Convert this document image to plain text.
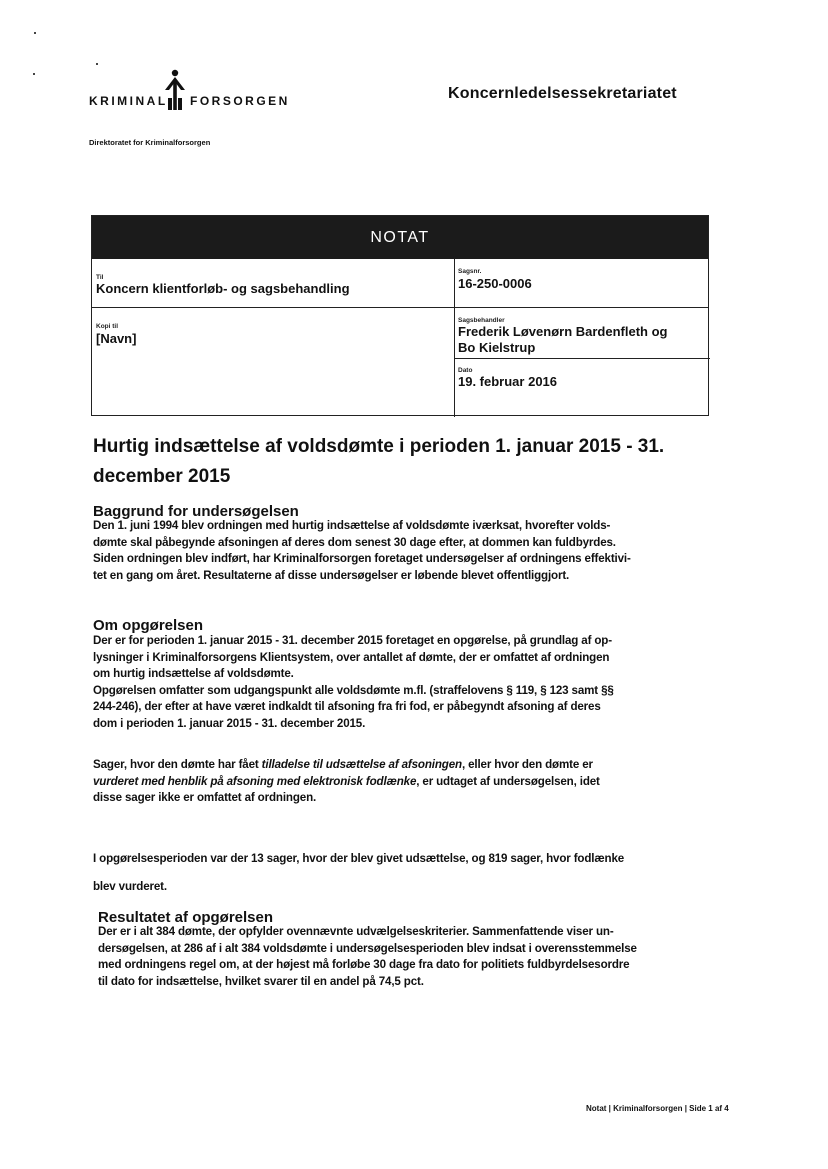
KRIMINAL FORSORGEN
Direktoratet for Kriminalforsorgen
Koncernledelsessekretariatet
NOTAT
Til
Koncern klientforløb- og sagsbehandling
Sagsnr.
16-250-0006
Kopi til
[Navn]
Sagsbehandler
Frederik Løvenørn Bardenfleth og
Bo Kielstrup
Dato
19. februar 2016
Hurtig indsættelse af voldsdømte i perioden 1. januar 2015 - 31.
december 2015
Baggrund for undersøgelsen
Den 1. juni 1994 blev ordningen med hurtig indsættelse af voldsdømte iværksat, hvorefter volds-
dømte skal påbegynde afsoningen af deres dom senest 30 dage efter, at dommen kan fuldbyrdes.
Siden ordningen blev indført, har Kriminalforsorgen foretaget undersøgelser af ordningens effektivi-
tet en gang om året. Resultaterne af disse undersøgelser er løbende blevet offentliggjort.
Om opgørelsen
Der er for perioden 1. januar 2015 - 31. december 2015 foretaget en opgørelse, på grundlag af op-
lysninger i Kriminalforsorgens Klientsystem, over antallet af dømte, der er omfattet af ordningen
om hurtig indsættelse af voldsdømte.
Opgørelsen omfatter som udgangspunkt alle voldsdømte m.fl. (straffelovens § 119, § 123 samt §§
244-246), der efter at have været indkaldt til afsoning fra fri fod, er påbegyndt afsoning af deres
dom i perioden 1. januar 2015 - 31. december 2015.
Sager, hvor den dømte har fået tilladelse til udsættelse af afsoningen, eller hvor den dømte er
vurderet med henblik på afsoning med elektronisk fodlænke, er udtaget af undersøgelsen, idet
disse sager ikke er omfattet af ordningen.
I opgørelsesperioden var der 13 sager, hvor der blev givet udsættelse, og 819 sager, hvor fodlænke
blev vurderet.
Resultatet af opgørelsen
Der er i alt 384 dømte, der opfylder ovennævnte udvælgelseskriterier. Sammenfattende viser un-
dersøgelsen, at 286 af i alt 384 voldsdømte i undersøgelsesperioden blev indsat i overensstemmelse
med ordningens regel om, at der højest må forløbe 30 dage fra dato for politiets fuldbyrdelsesordre
til dato for indsættelse, hvilket svarer til en andel på 74,5 pct.
Notat | Kriminalforsorgen | Side 1 af 4
